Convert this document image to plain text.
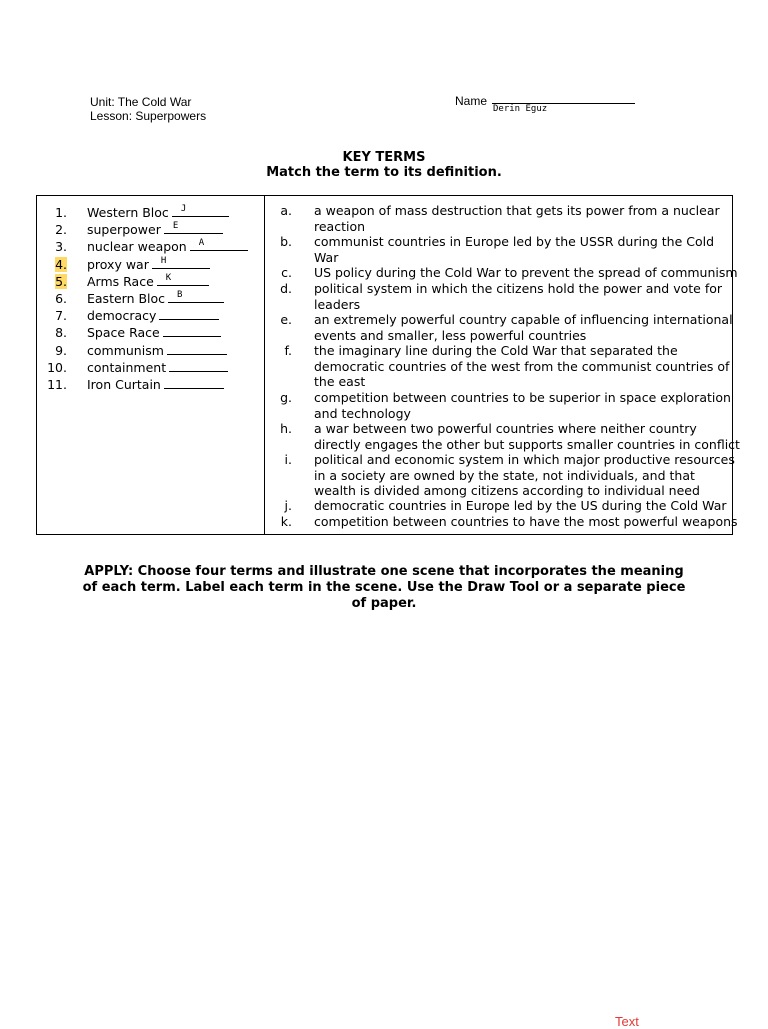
Unit: The Cold War
Lesson: Superpowers
Name
Derin Eguz
KEY TERMS
Match the term to its definition.
1. Western Bloc J
2. superpower E
3. nuclear weapon A
4. proxy war H
5. Arms Race K
6. Eastern Bloc B
7. democracy
8. Space Race
9. communism
10. containment
11. Iron Curtain
a. a weapon of mass destruction that gets its power from a nuclear
reaction
b. communist countries in Europe led by the USSR during the Cold
War
c. US policy during the Cold War to prevent the spread of communism
d. political system in which the citizens hold the power and vote for
leaders
e. an extremely powerful country capable of influencing international
events and smaller, less powerful countries
f. the imaginary line during the Cold War that separated the
democratic countries of the west from the communist countries of
the east
g. competition between countries to be superior in space exploration
and technology
h. a war between two powerful countries where neither country
directly engages the other but supports smaller countries in conflict
i. political and economic system in which major productive resources
in a society are owned by the state, not individuals, and that
wealth is divided among citizens according to individual need
j. democratic countries in Europe led by the US during the Cold War
k. competition between countries to have the most powerful weapons
APPLY: Choose four terms and illustrate one scene that incorporates the meaning of each term. Label each term in the scene. Use the Draw Tool or a separate piece of paper.
Text
